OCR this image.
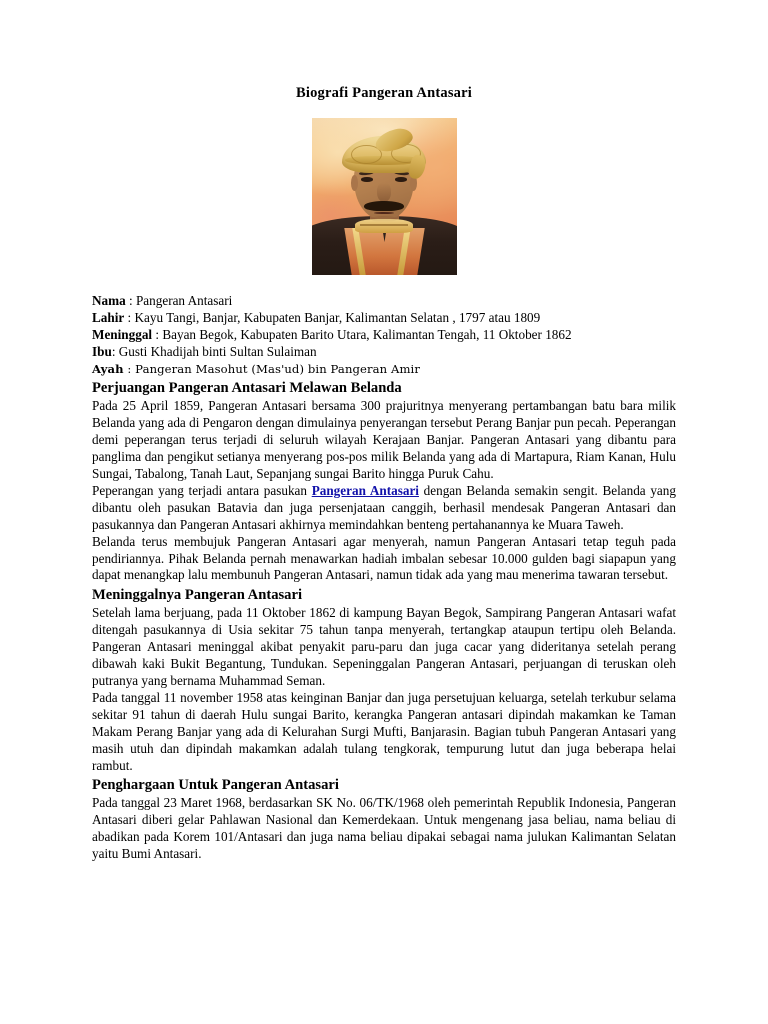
Biografi Pangeran Antasari
Nama : Pangeran Antasari
Lahir : Kayu Tangi, Banjar, Kabupaten Banjar, Kalimantan Selatan , 1797 atau 1809
Meninggal : Bayan Begok, Kabupaten Barito Utara, Kalimantan Tengah, 11 Oktober 1862
Ibu: Gusti Khadijah binti Sultan Sulaiman
Ayah : Pangeran Masohut (Mas'ud) bin Pangeran Amir
Perjuangan Pangeran Antasari Melawan Belanda

Pada 25 April 1859, Pangeran Antasari bersama 300 prajuritnya menyerang pertambangan batu bara milik Belanda yang ada di Pengaron dengan dimulainya penyerangan tersebut Perang Banjar pun pecah. Peperangan demi peperangan terus terjadi di seluruh wilayah Kerajaan Banjar. Pangeran Antasari yang dibantu para panglima dan pengikut setianya menyerang pos-pos milik Belanda yang ada di Martapura, Riam Kanan, Hulu Sungai, Tabalong, Tanah Laut, Sepanjang sungai Barito hingga Puruk Cahu.

Peperangan yang terjadi antara pasukan Pangeran Antasari dengan Belanda semakin sengit. Belanda yang dibantu oleh pasukan Batavia dan juga persenjataan canggih, berhasil mendesak Pangeran Antasari dan pasukannya dan Pangeran Antasari akhirnya memindahkan benteng pertahanannya ke Muara Taweh.

Belanda terus membujuk Pangeran Antasari agar menyerah, namun Pangeran Antasari tetap teguh pada pendiriannya. Pihak Belanda pernah menawarkan hadiah imbalan sebesar 10.000 gulden bagi siapapun yang dapat menangkap lalu membunuh Pangeran Antasari, namun tidak ada yang mau menerima tawaran tersebut.

Meninggalnya Pangeran Antasari

Setelah lama berjuang, pada 11 Oktober 1862 di kampung Bayan Begok, Sampirang Pangeran Antasari wafat ditengah pasukannya di Usia sekitar 75 tahun tanpa menyerah, tertangkap ataupun tertipu oleh Belanda. Pangeran Antasari meninggal akibat penyakit paru-paru dan juga cacar yang dideritanya setelah perang dibawah kaki Bukit Begantung, Tundukan. Sepeninggalan Pangeran Antasari, perjuangan di teruskan oleh putranya yang bernama Muhammad Seman.

Pada tanggal 11 november 1958 atas keinginan Banjar dan juga persetujuan keluarga, setelah terkubur selama sekitar 91 tahun di daerah Hulu sungai Barito, kerangka Pangeran antasari dipindah makamkan ke Taman Makam Perang Banjar yang ada di Kelurahan Surgi Mufti, Banjarasin. Bagian tubuh Pangeran Antasari yang masih utuh dan dipindah makamkan adalah tulang tengkorak, tempurung lutut dan juga beberapa helai rambut.

Penghargaan Untuk Pangeran Antasari

Pada tanggal 23 Maret 1968, berdasarkan SK No. 06/TK/1968 oleh pemerintah Republik Indonesia, Pangeran Antasari diberi gelar Pahlawan Nasional dan Kemerdekaan. Untuk mengenang jasa beliau, nama beliau di abadikan pada Korem 101/Antasari dan juga nama beliau dipakai sebagai nama julukan Kalimantan Selatan yaitu Bumi Antasari.
